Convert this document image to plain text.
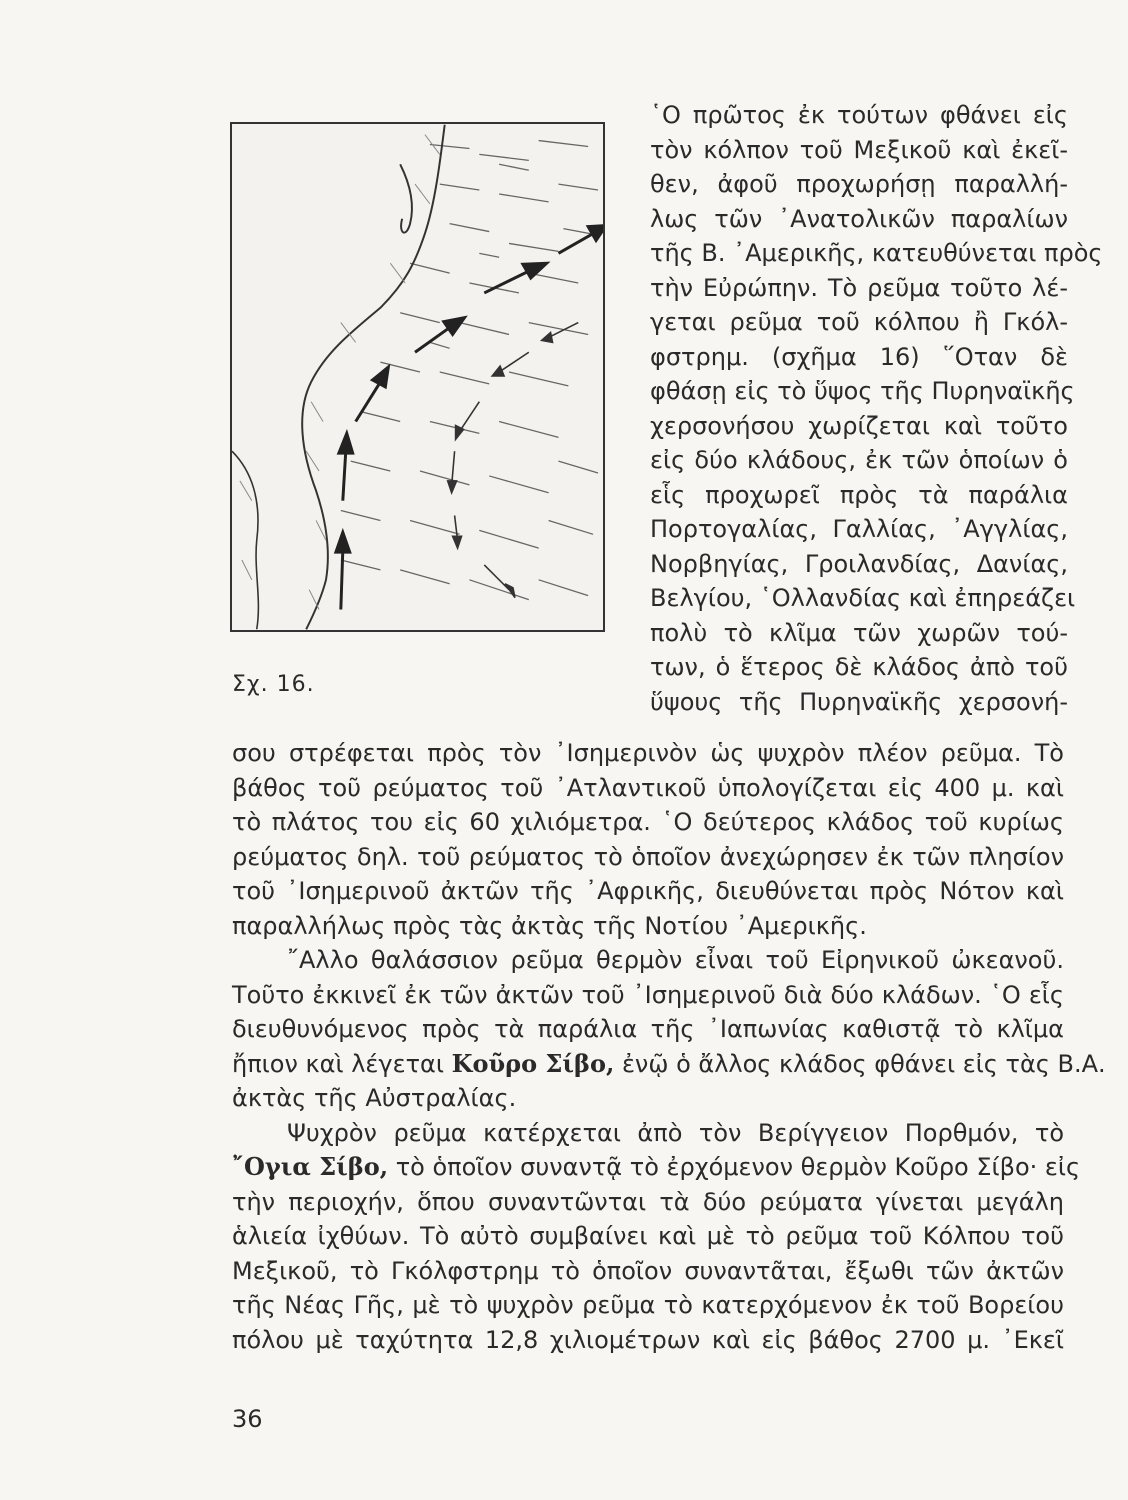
Σχ. 16.
῾Ο πρῶτος ἐκ τούτων φθάνει εἰς
τὸν κόλπον τοῦ Μεξικοῦ καὶ ἐκεῖ-
θεν, ἀφοῦ προχωρήσῃ παραλλή-
λως τῶν ᾿Ανατολικῶν παραλίων
τῆς Β. ᾿Αμερικῆς, κατευθύνεται πρὸς
τὴν Εὐρώπην. Τὸ ρεῦμα τοῦτο λέ-
γεται ρεῦμα τοῦ κόλπου ἢ Γκόλ-
φστρημ. (σχῆμα 16) ῞Οταν δὲ
φθάσῃ εἰς τὸ ὕψος τῆς Πυρηναϊκῆς
χερσονήσου χωρίζεται καὶ τοῦτο
εἰς δύο κλάδους, ἐκ τῶν ὁποίων ὁ
εἷς προχωρεῖ πρὸς τὰ παράλια
Πορτογαλίας, Γαλλίας, ᾿Αγγλίας,
Νορβηγίας, Γροιλανδίας, Δανίας,
Βελγίου, ῾Ολλανδίας καὶ ἐπηρεάζει
πολὺ τὸ κλῖμα τῶν χωρῶν τού-
των, ὁ ἕτερος δὲ κλάδος ἀπὸ τοῦ
ὕψους τῆς Πυρηναϊκῆς χερσονή-
σου στρέφεται πρὸς τὸν ᾿Ισημερινὸν ὡς ψυχρὸν πλέον ρεῦμα. Τὸ
βάθος τοῦ ρεύματος τοῦ ᾿Ατλαντικοῦ ὑπολογίζεται εἰς 400 μ. καὶ
τὸ πλάτος του εἰς 60 χιλιόμετρα. ῾Ο δεύτερος κλάδος τοῦ κυρίως
ρεύματος δηλ. τοῦ ρεύματος τὸ ὁποῖον ἀνεχώρησεν ἐκ τῶν πλησίον
τοῦ ᾿Ισημερινοῦ ἀκτῶν τῆς ᾿Αφρικῆς, διευθύνεται πρὸς Νότον καὶ
παραλλήλως πρὸς τὰς ἀκτὰς τῆς Νοτίου ᾿Αμερικῆς.
῎Αλλο θαλάσσιον ρεῦμα θερμὸν εἶναι τοῦ Εἰρηνικοῦ ὠκεανοῦ.
Τοῦτο ἐκκινεῖ ἐκ τῶν ἀκτῶν τοῦ ᾿Ισημερινοῦ διὰ δύο κλάδων. ῾Ο εἷς
διευθυνόμενος πρὸς τὰ παράλια τῆς ᾿Ιαπωνίας καθιστᾷ τὸ κλῖμα
ἤπιον καὶ λέγεται Κοῦρο Σίβο, ἐνῷ ὁ ἄλλος κλάδος φθάνει εἰς τὰς Β.Α.
ἀκτὰς τῆς Αὐστραλίας.
Ψυχρὸν ρεῦμα κατέρχεται ἀπὸ τὸν Βερίγγειον Πορθμόν, τὸ
῎Ογια Σίβο, τὸ ὁποῖον συναντᾷ τὸ ἐρχόμενον θερμὸν Κοῦρο Σίβο· εἰς
τὴν περιοχήν, ὅπου συναντῶνται τὰ δύο ρεύματα γίνεται μεγάλη
ἁλιεία ἰχθύων. Τὸ αὐτὸ συμβαίνει καὶ μὲ τὸ ρεῦμα τοῦ Κόλπου τοῦ
Μεξικοῦ, τὸ Γκόλφστρημ τὸ ὁποῖον συναντᾶται, ἔξωθι τῶν ἀκτῶν
τῆς Νέας Γῆς, μὲ τὸ ψυχρὸν ρεῦμα τὸ κατερχόμενον ἐκ τοῦ Βορείου
πόλου μὲ ταχύτητα 12,8 χιλιομέτρων καὶ εἰς βάθος 2700 μ. ᾿Εκεῖ
36
